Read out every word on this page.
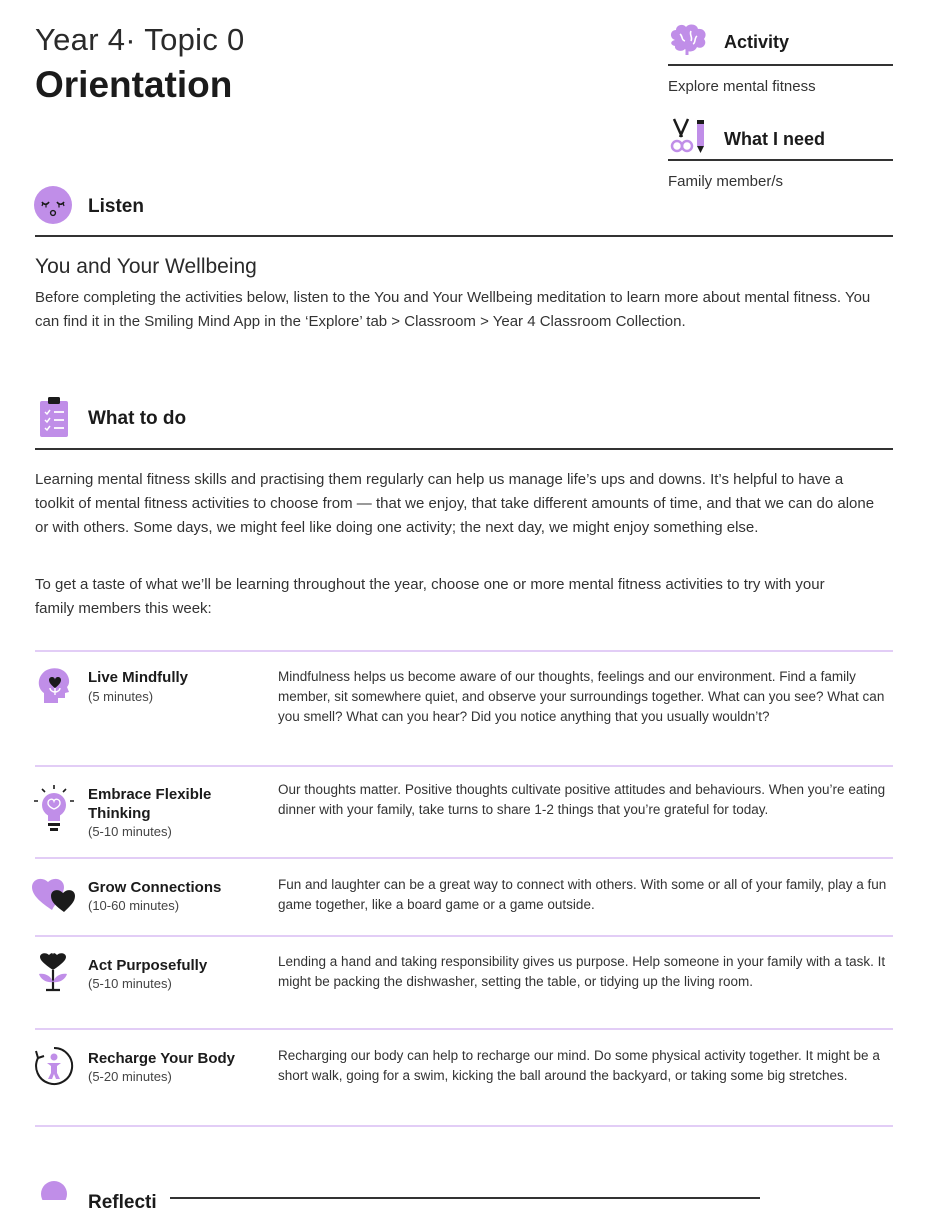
Year 4· Topic 0
Orientation
Activity
Explore mental fitness
What I need
Family member/s
Listen
You and Your Wellbeing
Before completing the activities below, listen to the You and Your Wellbeing meditation to learn more about mental fitness. You can find it in the Smiling Mind App in the ‘Explore’ tab > Classroom > Year 4 Classroom Collection.
What to do
Learning mental fitness skills and practising them regularly can help us manage life’s ups and downs. It’s helpful to have a toolkit of mental fitness activities to choose from — that we enjoy, that take different amounts of time, and that we can do alone or with others. Some days, we might feel like doing one activity; the next day, we might enjoy something else.
To get a taste of what we’ll be learning throughout the year, choose one or more mental fitness activities to try with your family members this week:
Live Mindfully
(5 minutes)
Mindfulness helps us become aware of our thoughts, feelings and our environment. Find a family member, sit somewhere quiet, and observe your surroundings together. What can you see? What can you smell? What can you hear? Did you notice anything that you usually wouldn’t?
Embrace Flexible Thinking
(5-10 minutes)
Our thoughts matter. Positive thoughts cultivate positive attitudes and behaviours. When you’re eating dinner with your family, take turns to share 1-2 things that you’re grateful for today.
Grow Connections
(10-60 minutes)
Fun and laughter can be a great way to connect with others. With some or all of your family, play a fun game together, like a board game or a game outside.
Act Purposefully
(5-10 minutes)
Lending a hand and taking responsibility gives us purpose. Help someone in your family with a task. It might be packing the dishwasher, setting the table, or tidying up the living room.
Recharge Your Body
(5-20 minutes)
Recharging our body can help to recharge our mind. Do some physical activity together. It might be a short walk, going for a swim, kicking the ball around the backyard, or taking some big stretches.
Reflecti
